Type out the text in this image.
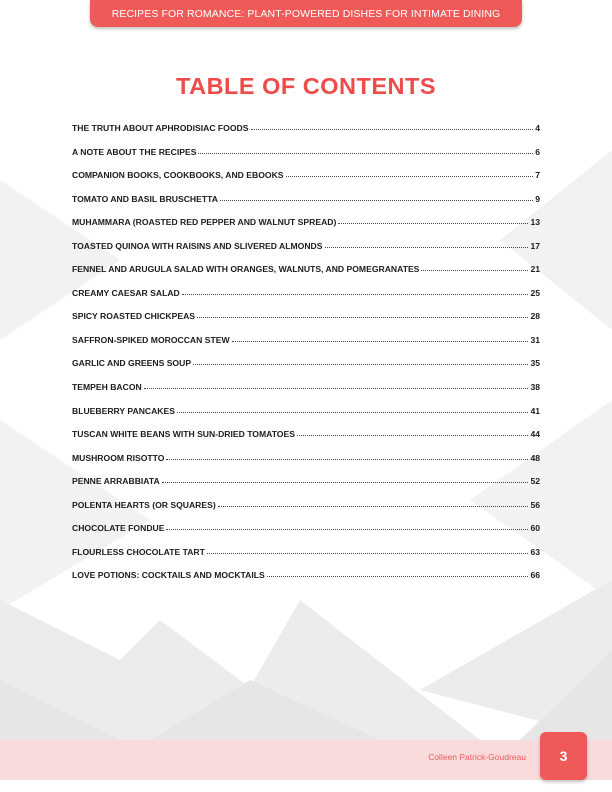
RECIPES FOR ROMANCE: PLANT-POWERED DISHES FOR INTIMATE DINING
TABLE OF CONTENTS
THE TRUTH ABOUT APHRODISIAC FOODS	4
A NOTE ABOUT THE RECIPES	6
COMPANION BOOKS, COOKBOOKS, AND EBOOKS	7
TOMATO AND BASIL BRUSCHETTA	9
MUHAMMARA (ROASTED RED PEPPER AND WALNUT SPREAD)	13
TOASTED QUINOA WITH RAISINS AND SLIVERED ALMONDS	17
FENNEL AND ARUGULA SALAD WITH ORANGES, WALNUTS, AND POMEGRANATES	21
CREAMY CAESAR SALAD	25
SPICY ROASTED CHICKPEAS	28
SAFFRON-SPIKED MOROCCAN STEW	31
GARLIC AND GREENS SOUP	35
TEMPEH BACON	38
BLUEBERRY PANCAKES	41
TUSCAN WHITE BEANS WITH SUN-DRIED TOMATOES	44
MUSHROOM RISOTTO	48
PENNE ARRABBIATA	52
POLENTA HEARTS (OR SQUARES)	56
CHOCOLATE FONDUE	60
FLOURLESS CHOCOLATE TART	63
LOVE POTIONS: COCKTAILS AND MOCKTAILS	66
Colleen Patrick-Goudreau 3
